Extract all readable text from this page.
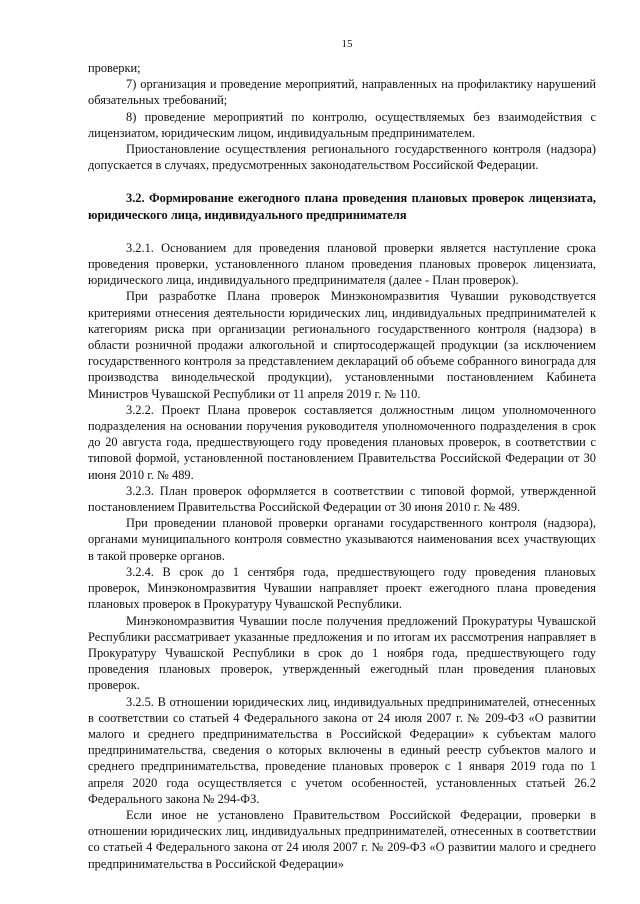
15

проверки;

7) организация и проведение мероприятий, направленных на профилактику нарушений обязательных требований;

8) проведение мероприятий по контролю, осуществляемых без взаимодействия с лицензиатом, юридическим лицом, индивидуальным предпринимателем.

Приостановление осуществления регионального государственного контроля (надзора) допускается в случаях, предусмотренных законодательством Российской Федерации.

3.2. Формирование ежегодного плана проведения плановых проверок лицензиата, юридического лица, индивидуального предпринимателя

3.2.1. Основанием для проведения плановой проверки является наступление срока проведения проверки, установленного планом проведения плановых проверок лицензиата, юридического лица, индивидуального предпринимателя (далее - План проверок).

При разработке Плана проверок Минэкономразвития Чувашии руководствуется критериями отнесения деятельности юридических лиц, индивидуальных предпринимателей к категориям риска при организации регионального государственного контроля (надзора) в области розничной продажи алкогольной и спиртосодержащей продукции (за исключением государственного контроля за представлением деклараций об объеме собранного винограда для производства винодельческой продукции), установленными постановлением Кабинета Министров Чувашской Республики от 11 апреля 2019 г. № 110.

3.2.2. Проект Плана проверок составляется должностным лицом уполномоченного подразделения на основании поручения руководителя уполномоченного подразделения в срок до 20 августа года, предшествующего году проведения плановых проверок, в соответствии с типовой формой, установленной постановлением Правительства Российской Федерации от 30 июня 2010 г. № 489.

3.2.3. План проверок оформляется в соответствии с типовой формой, утвержденной постановлением Правительства Российской Федерации от 30 июня 2010 г. № 489.

При проведении плановой проверки органами государственного контроля (надзора), органами муниципального контроля совместно указываются наименования всех участвующих в такой проверке органов.

3.2.4. В срок до 1 сентября года, предшествующего году проведения плановых проверок, Минэкономразвития Чувашии направляет проект ежегодного плана проведения плановых проверок в Прокуратуру Чувашской Республики.

Минэкономразвития Чувашии после получения предложений Прокуратуры Чувашской Республики рассматривает указанные предложения и по итогам их рассмотрения направляет в Прокуратуру Чувашской Республики в срок до 1 ноября года, предшествующего году проведения плановых проверок, утвержденный ежегодный план проведения плановых проверок.

3.2.5. В отношении юридических лиц, индивидуальных предпринимателей, отнесенных в соответствии со статьей 4 Федерального закона от 24 июля 2007 г. № 209-ФЗ «О развитии малого и среднего предпринимательства в Российской Федерации» к субъектам малого предпринимательства, сведения о которых включены в единый реестр субъектов малого и среднего предпринимательства, проведение плановых проверок с 1 января 2019 года по 1 апреля 2020 года осуществляется с учетом особенностей, установленных статьей 26.2 Федерального закона № 294-ФЗ.

Если иное не установлено Правительством Российской Федерации, проверки в отношении юридических лиц, индивидуальных предпринимателей, отнесенных в соответствии со статьей 4 Федерального закона от 24 июля 2007 г. № 209-ФЗ «О развитии малого и среднего предпринимательства в Российской Федерации»
